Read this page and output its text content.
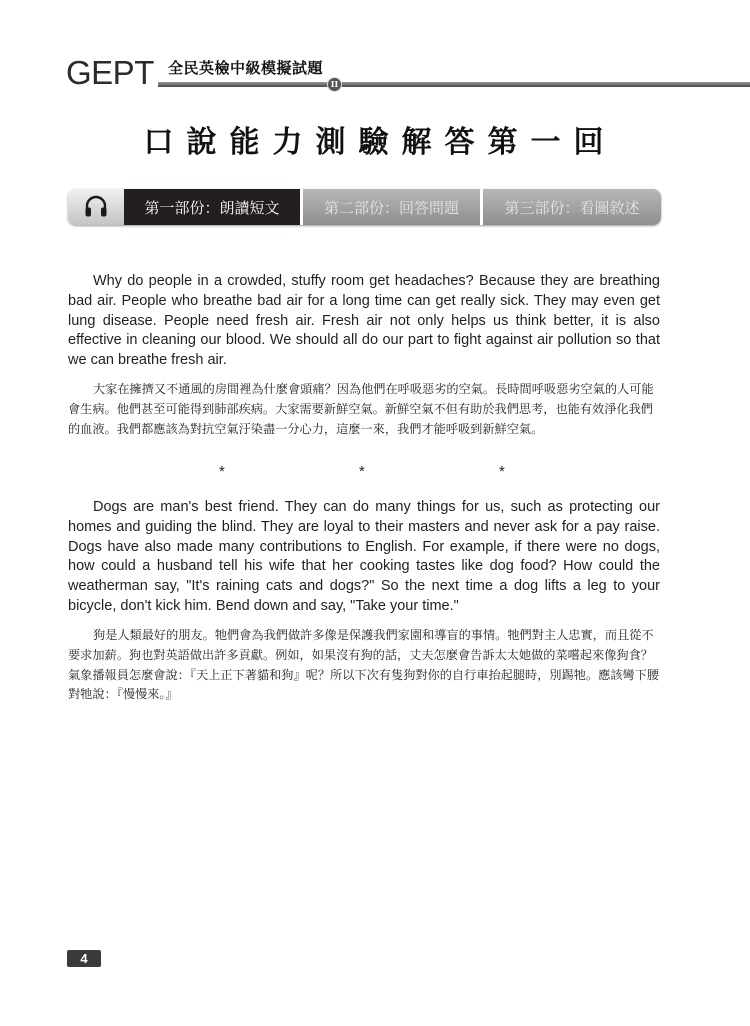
GEPT 全民英檢中級模擬試題
II
口說能力測驗解答第一回
第一部份：朗讀短文	第二部份：回答問題	第三部份：看圖敘述

Why do people in a crowded, stuffy room get headaches? Because they are breathing bad air. People who breathe bad air for a long time can get really sick. They may even get lung disease. People need fresh air. Fresh air not only helps us think better, it is also effective in cleaning our blood. We should all do our part to fight against air pollution so that we can breathe fresh air.

大家在擁擠又不通風的房間裡為什麼會頭痛？因為他們在呼吸惡劣的空氣。長時間呼吸惡劣空氣的人可能會生病。他們甚至可能得到肺部疾病。大家需要新鮮空氣。新鮮空氣不但有助於我們思考，也能有效淨化我們的血液。我們都應該為對抗空氣汙染盡一分心力，這麼一來，我們才能呼吸到新鮮空氣。

*	*	*

Dogs are man's best friend. They can do many things for us, such as protecting our homes and guiding the blind. They are loyal to their masters and never ask for a pay raise. Dogs have also made many contributions to English. For example, if there were no dogs, how could a husband tell his wife that her cooking tastes like dog food? How could the weatherman say, "It's raining cats and dogs?" So the next time a dog lifts a leg to your bicycle, don't kick him. Bend down and say, "Take your time."

狗是人類最好的朋友。牠們會為我們做許多像是保護我們家園和導盲的事情。牠們對主人忠實，而且從不要求加薪。狗也對英語做出許多貢獻。例如，如果沒有狗的話，丈夫怎麼會告訴太太她做的菜嚐起來像狗食？氣象播報員怎麼會說：『天上正下著貓和狗』呢？所以下次有隻狗對你的自行車抬起腿時，別踢牠。應該彎下腰對牠說：『慢慢來。』

4
